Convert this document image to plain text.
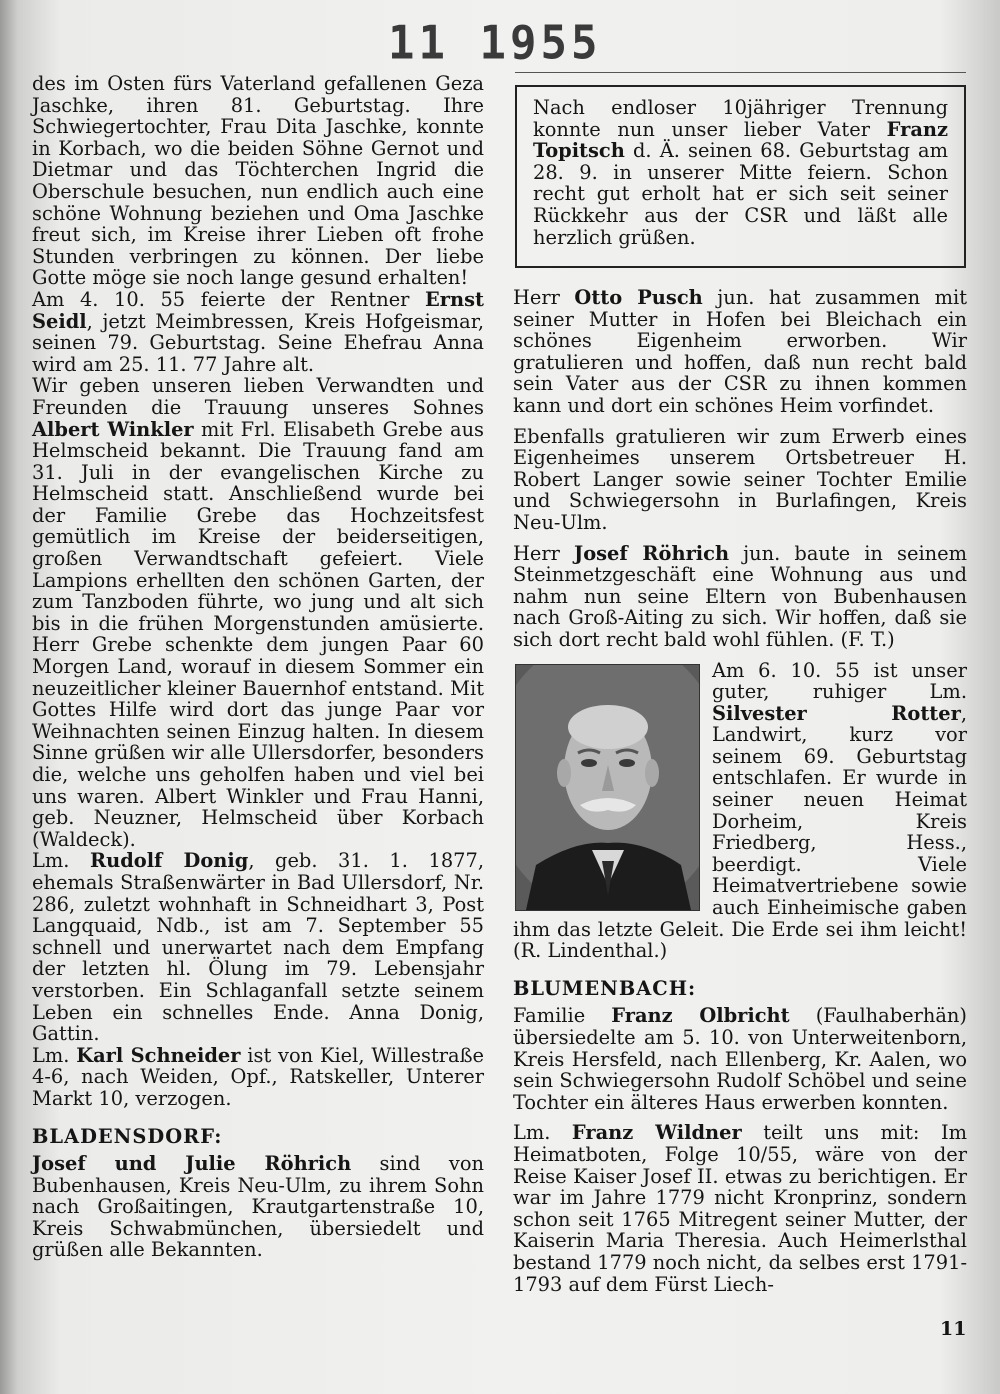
11 1955

des im Osten fürs Vaterland gefallenen Geza Jaschke, ihren 81. Geburtstag. Ihre Schwiegertochter, Frau Dita Jaschke, konnte in Korbach, wo die beiden Söhne Gernot und Dietmar und das Töchterchen Ingrid die Oberschule besuchen, nun endlich auch eine schöne Wohnung beziehen und Oma Jaschke freut sich, im Kreise ihrer Lieben oft frohe Stunden verbringen zu können. Der liebe Gotte möge sie noch lange gesund erhalten!

Am 4. 10. 55 feierte der Rentner Ernst Seidl, jetzt Meimbressen, Kreis Hofgeismar, seinen 79. Geburtstag. Seine Ehefrau Anna wird am 25. 11. 77 Jahre alt.

Wir geben unseren lieben Verwandten und Freunden die Trauung unseres Sohnes Albert Winkler mit Frl. Elisabeth Grebe aus Helmscheid bekannt. Die Trauung fand am 31. Juli in der evangelischen Kirche zu Helmscheid statt. Anschließend wurde bei der Familie Grebe das Hochzeitsfest gemütlich im Kreise der beiderseitigen, großen Verwandtschaft gefeiert. Viele Lampions erhellten den schönen Garten, der zum Tanzboden führte, wo jung und alt sich bis in die frühen Morgenstunden amüsierte. Herr Grebe schenkte dem jungen Paar 60 Morgen Land, worauf in diesem Sommer ein neuzeitlicher kleiner Bauernhof entstand. Mit Gottes Hilfe wird dort das junge Paar vor Weihnachten seinen Einzug halten. In diesem Sinne grüßen wir alle Ullersdorfer, besonders die, welche uns geholfen haben und viel bei uns waren. Albert Winkler und Frau Hanni, geb. Neuzner, Helmscheid über Korbach (Waldeck).

Lm. Rudolf Donig, geb. 31. 1. 1877, ehemals Straßenwärter in Bad Ullersdorf, Nr. 286, zuletzt wohnhaft in Schneidhart 3, Post Langquaid, Ndb., ist am 7. September 55 schnell und unerwartet nach dem Empfang der letzten hl. Ölung im 79. Lebensjahr verstorben. Ein Schlaganfall setzte seinem Leben ein schnelles Ende. Anna Donig, Gattin.

Lm. Karl Schneider ist von Kiel, Willestraße 4-6, nach Weiden, Opf., Ratskeller, Unterer Markt 10, verzogen.

BLADENSDORF:

Josef und Julie Röhrich sind von Bubenhausen, Kreis Neu-Ulm, zu ihrem Sohn nach Großaitingen, Krautgartenstraße 10, Kreis Schwabmünchen, übersiedelt und grüßen alle Bekannten.

Nach endloser 10jähriger Trennung konnte nun unser lieber Vater Franz Topitsch d. Ä. seinen 68. Geburtstag am 28. 9. in unserer Mitte feiern. Schon recht gut erholt hat er sich seit seiner Rückkehr aus der CSR und läßt alle herzlich grüßen.

Herr Otto Pusch jun. hat zusammen mit seiner Mutter in Hofen bei Bleichach ein schönes Eigenheim erworben. Wir gratulieren und hoffen, daß nun recht bald sein Vater aus der CSR zu ihnen kommen kann und dort ein schönes Heim vorfindet.

Ebenfalls gratulieren wir zum Erwerb eines Eigenheimes unserem Ortsbetreuer H. Robert Langer sowie seiner Tochter Emilie und Schwiegersohn in Burlafingen, Kreis Neu-Ulm.

Herr Josef Röhrich jun. baute in seinem Steinmetzgeschäft eine Wohnung aus und nahm nun seine Eltern von Bubenhausen nach Groß-Aiting zu sich. Wir hoffen, daß sie sich dort recht bald wohl fühlen. (F. T.)

Am 6. 10. 55 ist unser guter, ruhiger Lm. Silvester Rotter, Landwirt, kurz vor seinem 69. Geburtstag entschlafen. Er wurde in seiner neuen Heimat Dorheim, Kreis Friedberg, Hess., beerdigt. Viele Heimatvertriebene sowie auch Einheimische gaben ihm das letzte Geleit. Die Erde sei ihm leicht! (R. Lindenthal.)

BLUMENBACH:

Familie Franz Olbricht (Faulhaberhän) übersiedelte am 5. 10. von Unterweitenborn, Kreis Hersfeld, nach Ellenberg, Kr. Aalen, wo sein Schwiegersohn Rudolf Schöbel und seine Tochter ein älteres Haus erwerben konnten.

Lm. Franz Wildner teilt uns mit: Im Heimatboten, Folge 10/55, wäre von der Reise Kaiser Josef II. etwas zu berichtigen. Er war im Jahre 1779 nicht Kronprinz, sondern schon seit 1765 Mitregent seiner Mutter, der Kaiserin Maria Theresia. Auch Heimerlsthal bestand 1779 noch nicht, da selbes erst 1791-1793 auf dem Fürst Liech-

11
